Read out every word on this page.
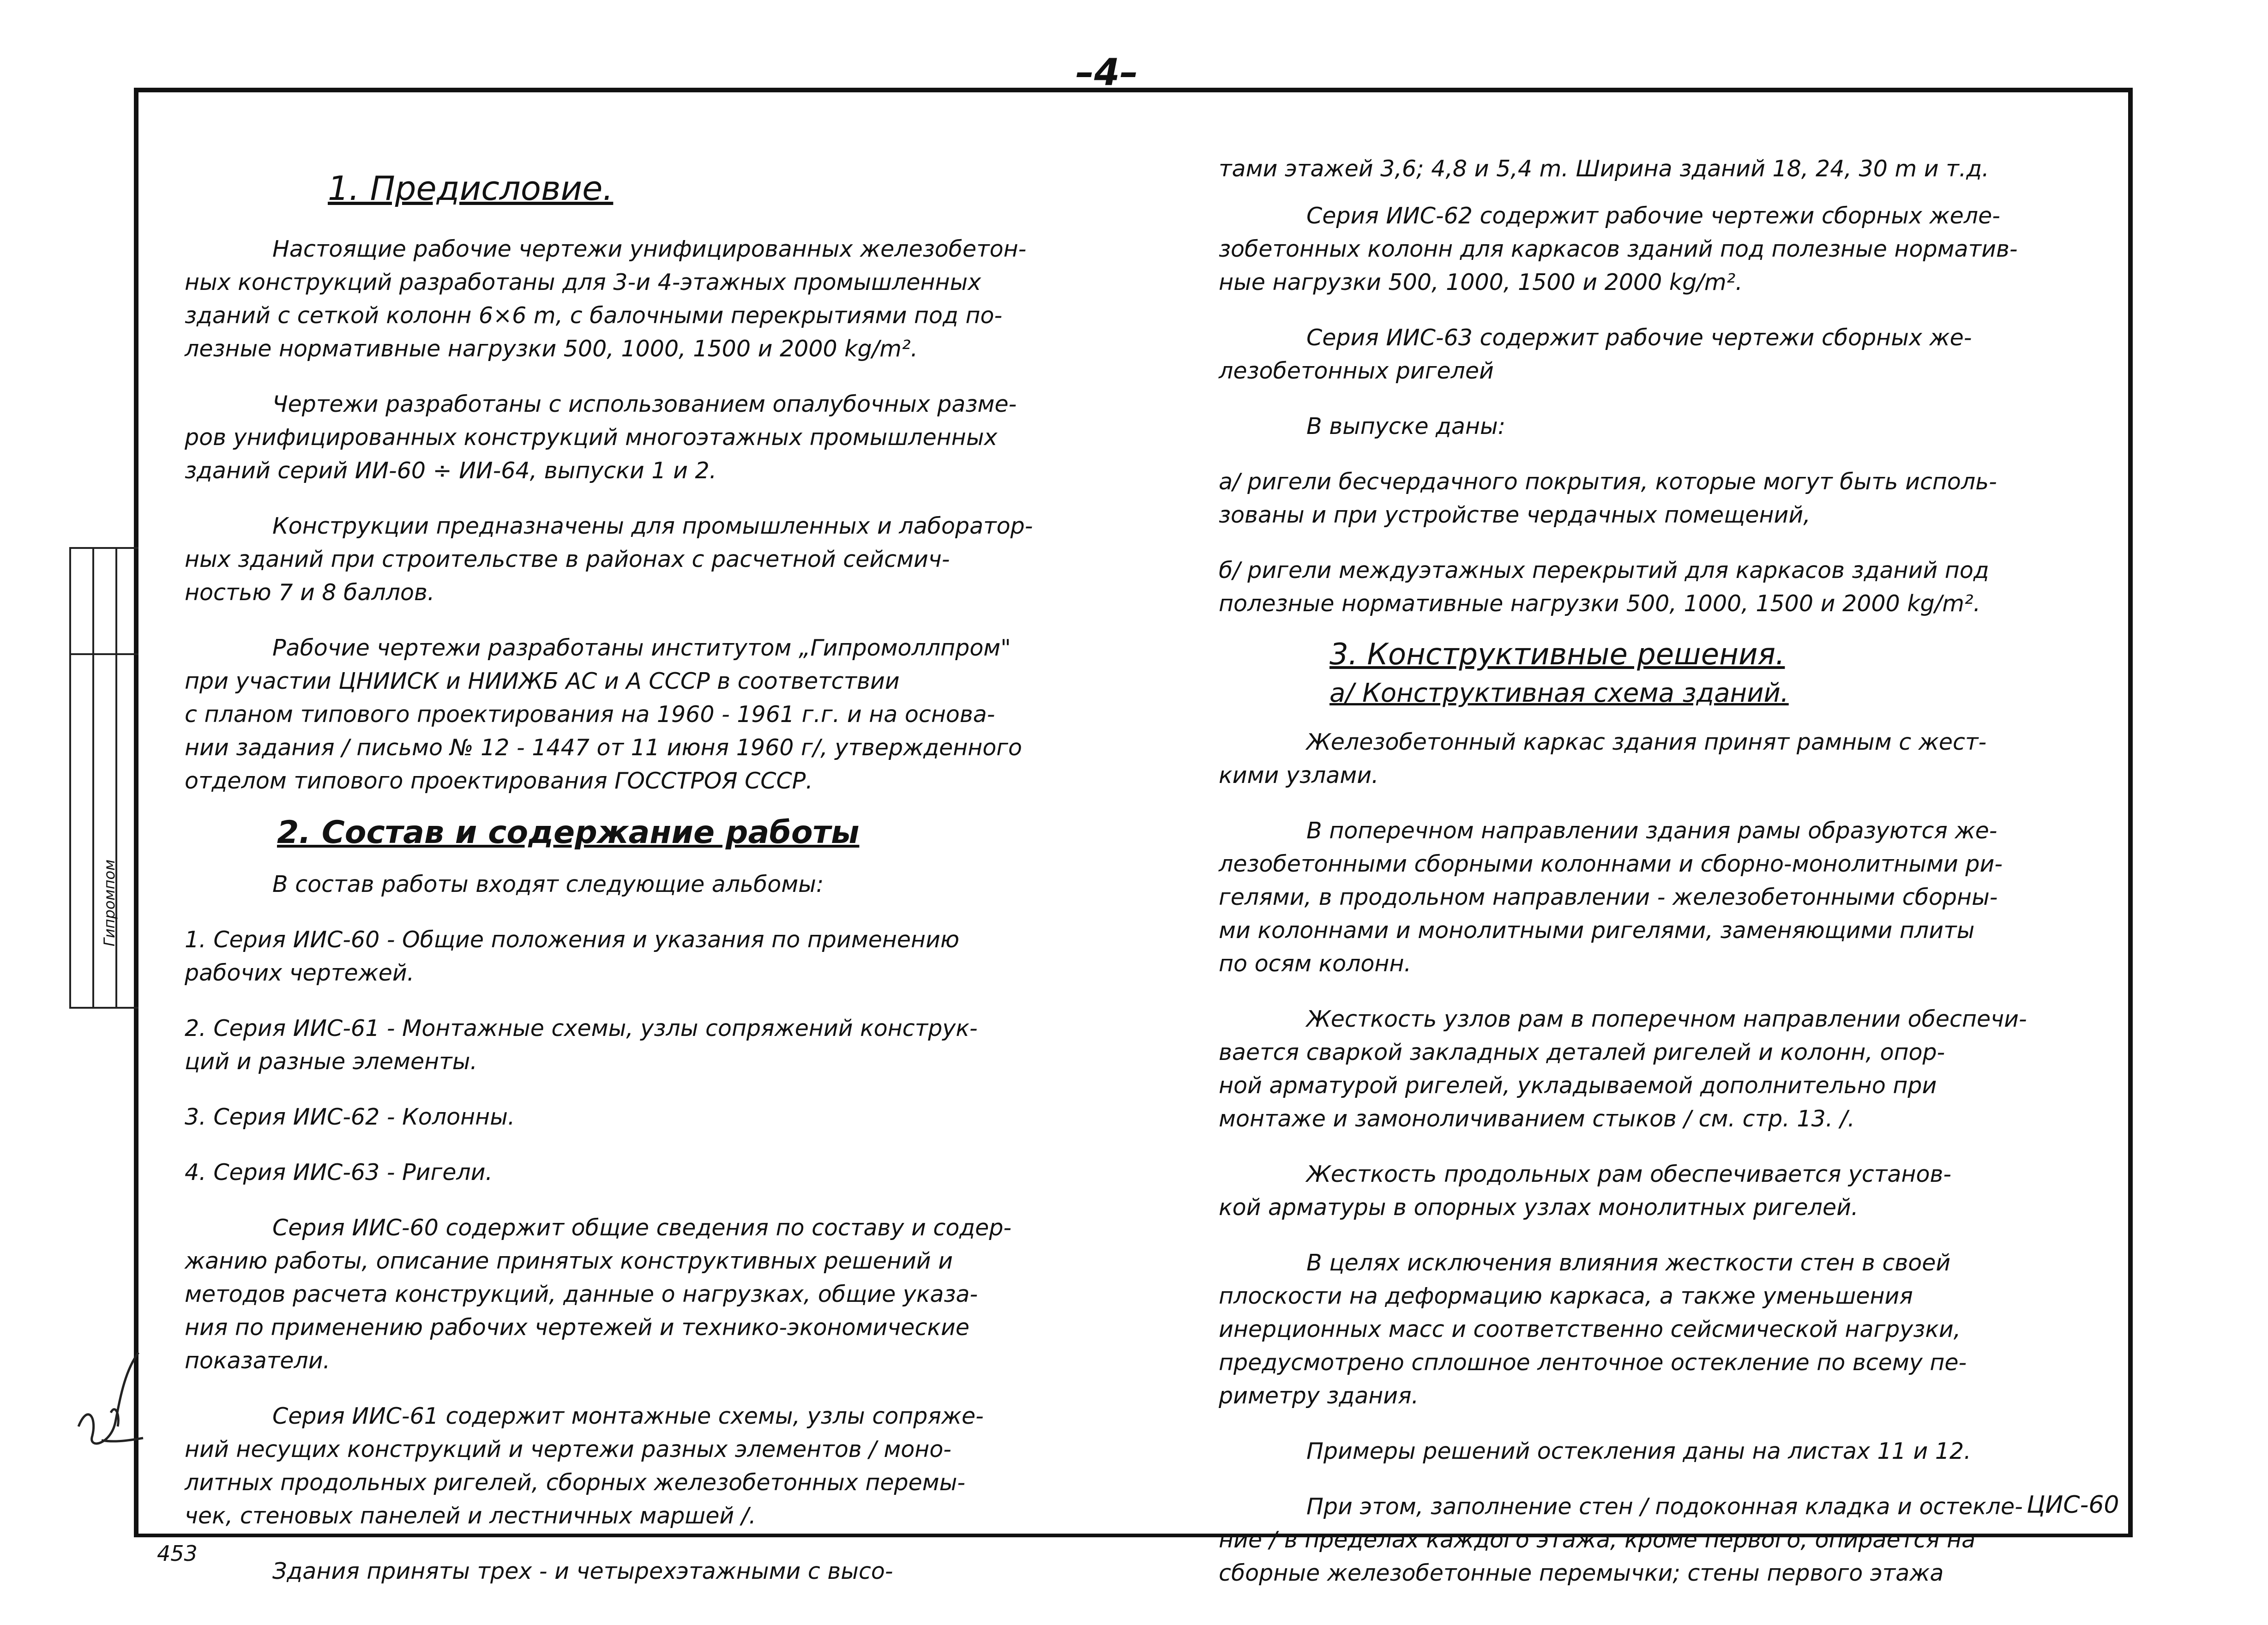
–4–
Гипромпом
453

1. Предисловие.

Настоящие рабочие чертежи унифицированных железобетон-
ных конструкций разработаны для 3-и 4-этажных промышленных
зданий с сеткой колонн 6×6 m, с балочными перекрытиями под по-
лезные нормативные нагрузки 500, 1000, 1500 и 2000 kg/m².

Чертежи разработаны с использованием опалубочных разме-
ров унифицированных конструкций многоэтажных промышленных
зданий серий ИИ-60 ÷ ИИ-64, выпуски 1 и 2.

Конструкции предназначены для промышленных и лаборатор-
ных зданий при строительстве в районах с расчетной сейсмич-
ностью 7 и 8 баллов.

Рабочие чертежи разработаны институтом „Гипромоллпром"
при участии ЦНИИСК и НИИЖБ АС и А СССР в соответствии
с планом типового проектирования на 1960 - 1961 г.г. и на основа-
нии задания / письмо № 12 - 1447 от 11 июня 1960 г/, утвержденного
отделом типового проектирования ГОССТРОЯ СССР.

2. Состав и содержание работы

В состав работы входят следующие альбомы:

1. Серия ИИС-60 - Общие положения и указания по применению
рабочих чертежей.

2. Серия ИИС-61 - Монтажные схемы, узлы сопряжений конструк-
ций и разные элементы.

3. Серия ИИС-62 - Колонны.

4. Серия ИИС-63 - Ригели.

Серия ИИС-60 содержит общие сведения по составу и содер-
жанию работы, описание принятых конструктивных решений и
методов расчета конструкций, данные о нагрузках, общие указа-
ния по применению рабочих чертежей и технико-экономические
показатели.

Серия ИИС-61 содержит монтажные схемы, узлы сопряже-
ний несущих конструкций и чертежи разных элементов / моно-
литных продольных ригелей, сборных железобетонных перемы-
чек, стеновых панелей и лестничных маршей /.

Здания приняты трех - и четырехэтажными с высо-

тами этажей 3,6; 4,8 и 5,4 m. Ширина зданий 18, 24, 30 m и т.д.

Серия ИИС-62 содержит рабочие чертежи сборных желе-
зобетонных колонн для каркасов зданий под полезные норматив-
ные нагрузки 500, 1000, 1500 и 2000 kg/m².

Серия ИИС-63 содержит рабочие чертежи сборных же-
лезобетонных ригелей

В выпуске даны:

а/ ригели бесчердачного покрытия, которые могут быть исполь-
зованы и при устройстве чердачных помещений,

б/ ригели междуэтажных перекрытий для каркасов зданий под
полезные нормативные нагрузки 500, 1000, 1500 и 2000 kg/m².

3. Конструктивные решения.

а/ Конструктивная схема зданий.

Железобетонный каркас здания принят рамным с жест-
кими узлами.

В поперечном направлении здания рамы образуются же-
лезобетонными сборными колоннами и сборно-монолитными ри-
гелями, в продольном направлении - железобетонными сборны-
ми колоннами и монолитными ригелями, заменяющими плиты
по осям колонн.

Жесткость узлов рам в поперечном направлении обеспечи-
вается сваркой закладных деталей ригелей и колонн, опор-
ной арматурой ригелей, укладываемой дополнительно при
монтаже и замоноличиванием стыков / см. стр. 13. /.

Жесткость продольных рам обеспечивается установ-
кой арматуры в опорных узлах монолитных ригелей.

В целях исключения влияния жесткости стен в своей
плоскости на деформацию каркаса, а также уменьшения
инерционных масс и соответственно сейсмической нагрузки,
предусмотрено сплошное ленточное остекление по всему пе-
риметру здания.

Примеры решений остекления даны на листах 11 и 12.

При этом, заполнение стен / подоконная кладка и остекле-
ние / в пределах каждого этажа, кроме первого, опирается на
сборные железобетонные перемычки; стены первого этажа

ЦИС-60
